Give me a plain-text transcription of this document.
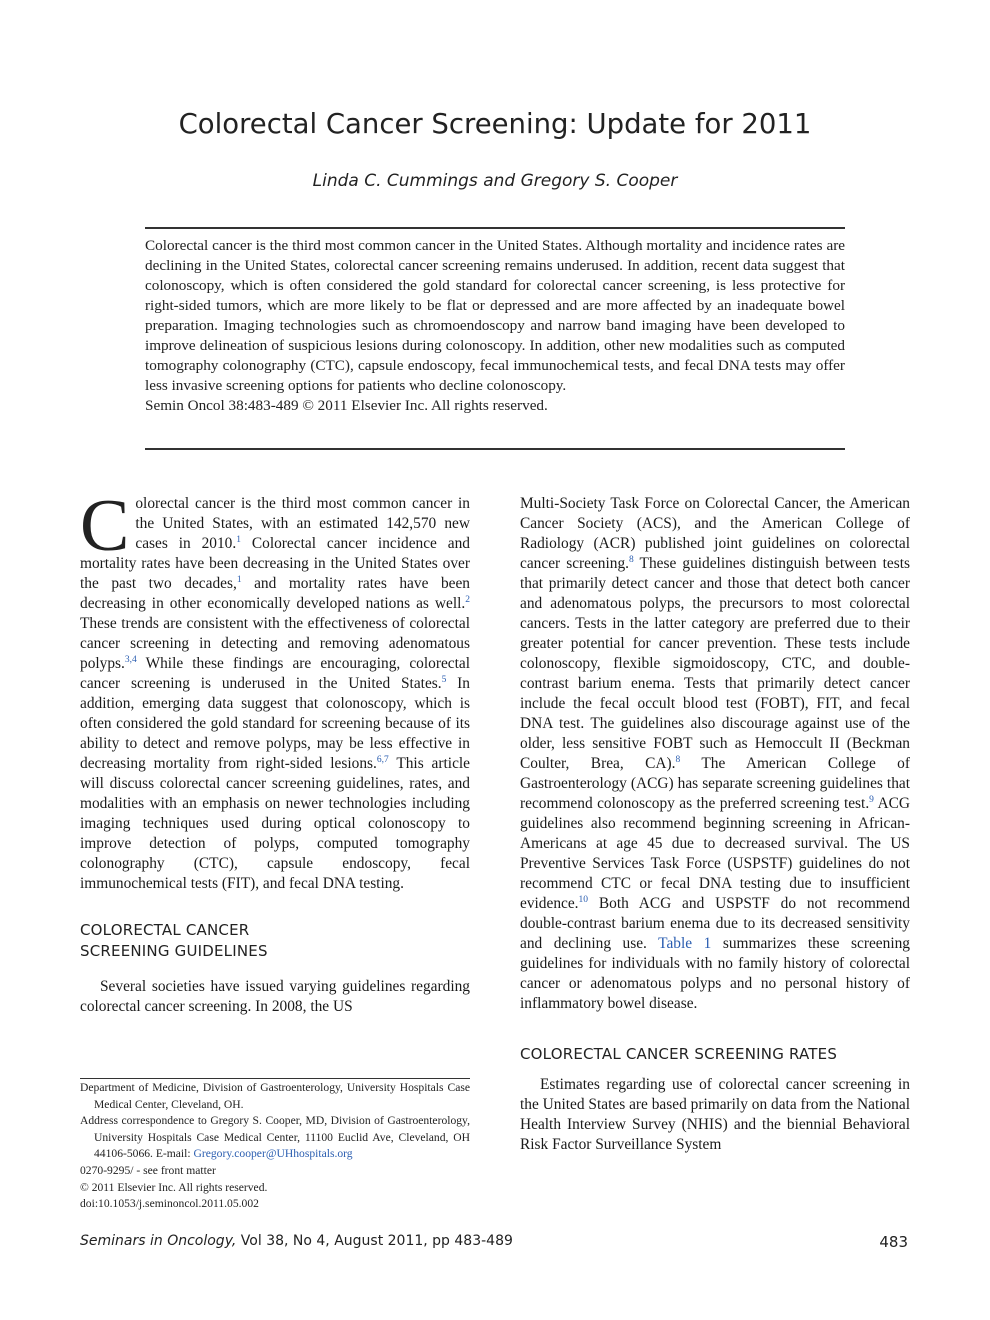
Colorectal Cancer Screening: Update for 2011
Linda C. Cummings and Gregory S. Cooper

Colorectal cancer is the third most common cancer in the United States. Although mortality and incidence rates are declining in the United States, colorectal cancer screening remains underused. In addition, recent data suggest that colonoscopy, which is often considered the gold standard for colorectal cancer screening, is less protective for right-sided tumors, which are more likely to be flat or depressed and are more affected by an inadequate bowel preparation. Imaging technologies such as chromoendoscopy and narrow band imaging have been developed to improve delineation of suspicious lesions during colonoscopy. In addition, other new modalities such as computed tomography colonography (CTC), capsule endoscopy, fecal immunochemical tests, and fecal DNA tests may offer less invasive screening options for patients who decline colonoscopy.

Semin Oncol 38:483-489 © 2011 Elsevier Inc. All rights reserved.

Colorectal cancer is the third most common cancer in the United States, with an estimated 142,570 new cases in 2010.$^1$ Colorectal cancer incidence and mortality rates have been decreasing in the United States over the past two decades,$^1$ and mortality rates have been decreasing in other economically developed nations as well.$^2$ These trends are consistent with the effectiveness of colorectal cancer screening in detecting and removing adenomatous polyps.$^{3,4}$ While these findings are encouraging, colorectal cancer screening is underused in the United States.$^5$ In addition, emerging data suggest that colonoscopy, which is often considered the gold standard for screening because of its ability to detect and remove polyps, may be less effective in decreasing mortality from right-sided lesions.$^{6,7}$ This article will discuss colorectal cancer screening guidelines, rates, and modalities with an emphasis on newer technologies including imaging techniques used during optical colonoscopy to improve detection of polyps, computed tomography colonography (CTC), capsule endoscopy, fecal immunochemical tests (FIT), and fecal DNA testing.

COLORECTAL CANCER
SCREENING GUIDELINES

Several societies have issued varying guidelines regarding colorectal cancer screening. In 2008, the US

Multi-Society Task Force on Colorectal Cancer, the American Cancer Society (ACS), and the American College of Radiology (ACR) published joint guidelines on colorectal cancer screening.$^8$ These guidelines distinguish between tests that primarily detect cancer and those that detect both cancer and adenomatous polyps, the precursors to most colorectal cancers. Tests in the latter category are preferred due to their greater potential for cancer prevention. These tests include colonoscopy, flexible sigmoidoscopy, CTC, and double-contrast barium enema. Tests that primarily detect cancer include the fecal occult blood test (FOBT), FIT, and fecal DNA test. The guidelines also discourage against use of the older, less sensitive FOBT such as Hemoccult II (Beckman Coulter, Brea, CA).$^8$ The American College of Gastroenterology (ACG) has separate screening guidelines that recommend colonoscopy as the preferred screening test.$^9$ ACG guidelines also recommend beginning screening in African-Americans at age 45 due to decreased survival. The US Preventive Services Task Force (USPSTF) guidelines do not recommend CTC or fecal DNA testing due to insufficient evidence.$^{10}$ Both ACG and USPSTF do not recommend double-contrast barium enema due to its decreased sensitivity and declining use. Table 1 summarizes these screening guidelines for individuals with no family history of colorectal cancer or adenomatous polyps and no personal history of inflammatory bowel disease.

COLORECTAL CANCER SCREENING RATES

Estimates regarding use of colorectal cancer screening in the United States are based primarily on data from the National Health Interview Survey (NHIS) and the biennial Behavioral Risk Factor Surveillance System

Department of Medicine, Division of Gastroenterology, University Hospitals Case Medical Center, Cleveland, OH.

Address correspondence to Gregory S. Cooper, MD, Division of Gastroenterology, University Hospitals Case Medical Center, 11100 Euclid Ave, Cleveland, OH 44106-5066. E-mail: Gregory.cooper@UHhospitals.org

0270-9295/ - see front matter

© 2011 Elsevier Inc. All rights reserved.

doi:10.1053/j.seminoncol.2011.05.002

Seminars in Oncology, Vol 38, No 4, August 2011, pp 483-489	483
